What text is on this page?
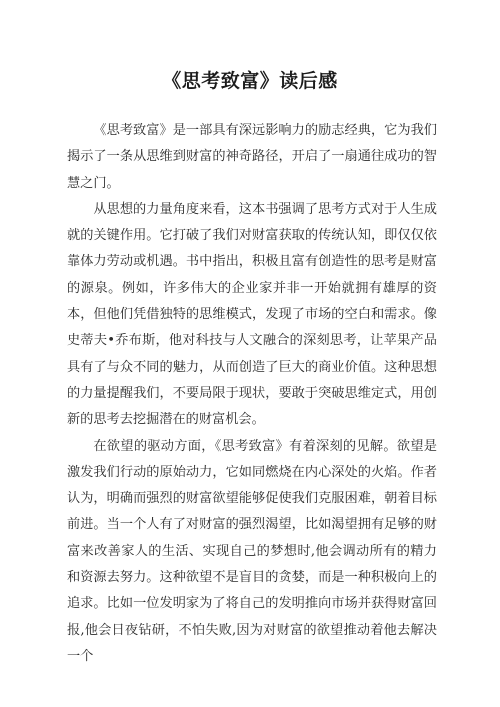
《思考致富》读后感

《思考致富》是一部具有深远影响力的励志经典，它为我们揭示了一条从思维到财富的神奇路径，开启了一扇通往成功的智慧之门。

从思想的力量角度来看，这本书强调了思考方式对于人生成就的关键作用。它打破了我们对财富获取的传统认知，即仅仅依靠体力劳动或机遇。书中指出，积极且富有创造性的思考是财富的源泉。例如，许多伟大的企业家并非一开始就拥有雄厚的资本，但他们凭借独特的思维模式，发现了市场的空白和需求。像史蒂夫•乔布斯，他对科技与人文融合的深刻思考，让苹果产品具有了与众不同的魅力，从而创造了巨大的商业价值。这种思想的力量提醒我们，不要局限于现状，要敢于突破思维定式，用创新的思考去挖掘潜在的财富机会。

在欲望的驱动方面，《思考致富》有着深刻的见解。欲望是激发我们行动的原始动力，它如同燃烧在内心深处的火焰。作者认为，明确而强烈的财富欲望能够促使我们克服困难，朝着目标前进。当一个人有了对财富的强烈渴望，比如渴望拥有足够的财富来改善家人的生活、实现自己的梦想时,他会调动所有的精力和资源去努力。这种欲望不是盲目的贪婪，而是一种积极向上的追求。比如一位发明家为了将自己的发明推向市场并获得财富回报,他会日夜钻研，不怕失败,因为对财富的欲望推动着他去解决一个
